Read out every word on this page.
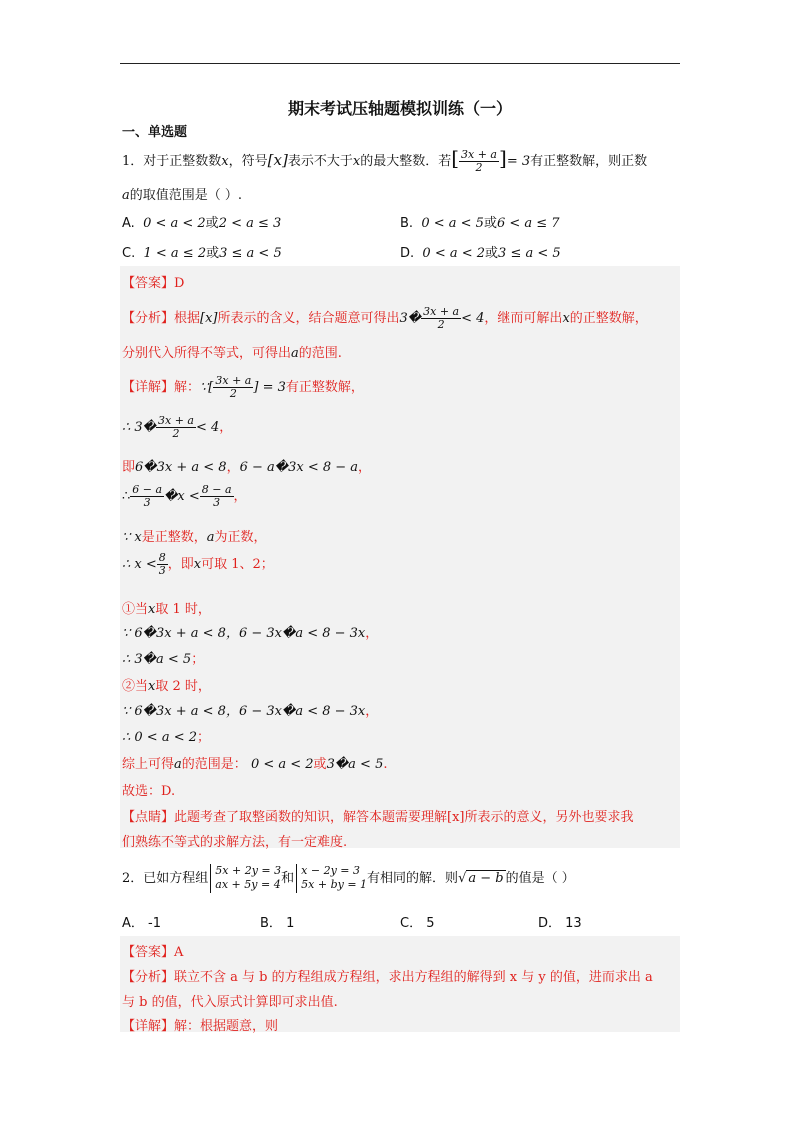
期末考试压轴题模拟训练（一）
一、单选题
1．对于正整数数x，符号[x]表示不大于x的最大整数．若[ $\frac{3x + a}{2}$ ]= 3有正整数解，则正数
a的取值范围是（ ）.
A. 0 < a < 2或2 < a ≤ 3	B. 0 < a < 5或6 < a ≤ 7
C. 1 < a ≤ 2或3 ≤ a < 5	D. 0 < a < 2或3 ≤ a < 5
【答案】D
【分析】根据[x]所表示的含义，结合题意可得出3� $\frac{3x + a}{2} < 4$，继而可解出x的正整数解，
分别代入所得不等式，可得出a的范围.
【详解】解：∵[ $\frac{3x + a}{2}$ ] = 3有正整数解，
∴ 3� $\frac{3x + a}{2} < 4$，
即6�3x + a < 8，6 − a�3x < 8 − a，
∴ $\frac{6 - a}{3}$ �x < $\frac{8 - a}{3}$ ，
∵ x是正整数，a为正数，
∴ $x < \frac{8}{3}$ ，即x可取 1、2；
①当x取 1 时，
∵ 6�3x + a < 8，6 − 3x�a < 8 − 3x，
∴ 3�a < 5；
②当x取 2 时，
∵ 6�3x + a < 8，6 − 3x�a < 8 − 3x，
∴ 0 < a < 2；
综上可得a的范围是： 0 < a < 2或3�a < 5.
故选：D.
【点睛】此题考查了取整函数的知识，解答本题需要理解[x]所表示的意义，另外也要求我
们熟练不等式的求解方法，有一定难度.
2．已如方程组
5x + 2y = 3
ax + 5y = 4 和
x − 2y = 3
5x + by = 1 有相同的解．则√ a − b 的值是（ ）
A． -1	B． 1	C． 5	D． 13
【答案】A
【分析】联立不含 a 与 b 的方程组成方程组，求出方程组的解得到 x 与 y 的值，进而求出 a
与 b 的值，代入原式计算即可求出值.
【详解】解：根据题意，则
